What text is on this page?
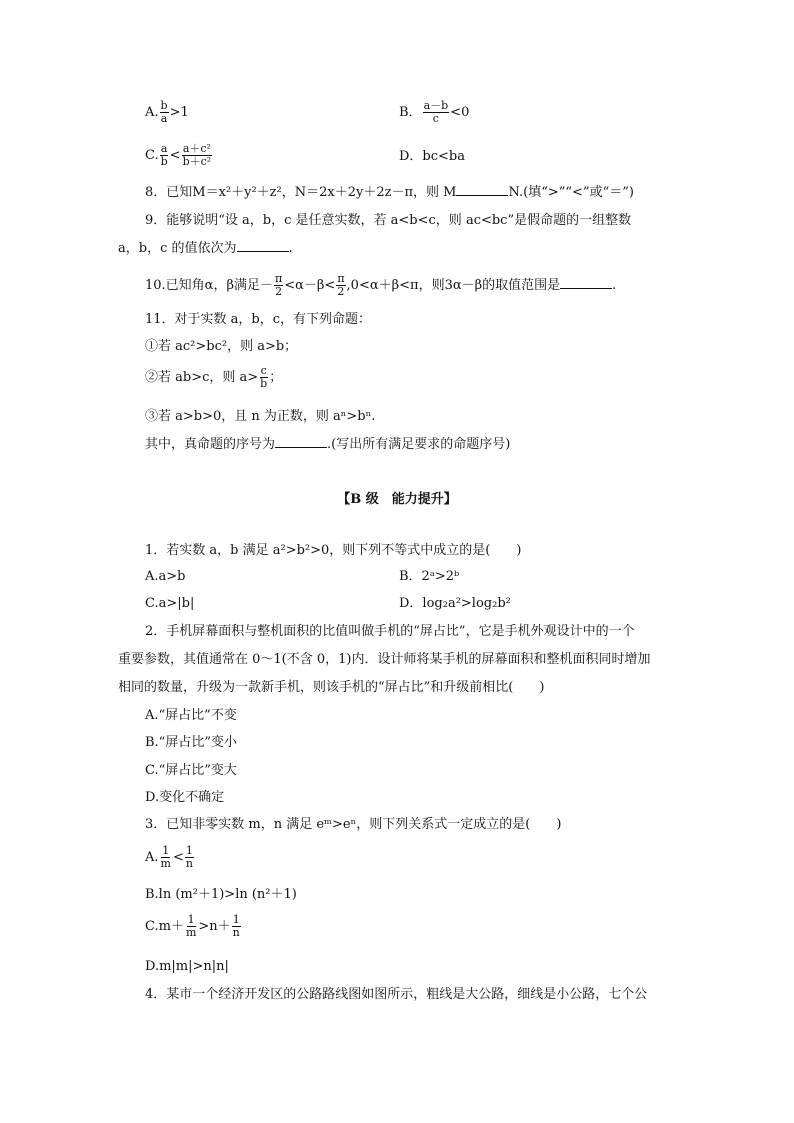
A. $\frac{b}{a} >1$	B． $\frac{a-b}{c} <0$
C. $\frac{a}{b} < \frac{\text{a＋c²}}{\text{b＋c²}}$	D．bc<ba
8．已知M＝x²＋y²＋z²，N＝2x＋2y＋2z－π，则 M	N.(填“>”“<”或“＝”)
9．能够说明“设 a，b，c 是任意实数，若 a<b<c，则 ac<bc”是假命题的一组整数
a，b，c 的值依次为	.
10.已知角α，β满足－ $\frac{\pi}{2} <\alpha-\beta< \frac{\pi}{2} ,0<\alpha+\beta<\pi$，则3α－β的取值范围是	.
11．对于实数 a，b，c，有下列命题：
①若 ac²>bc²，则 a>b；
②若 ab>c，则 $a> \frac{c}{b}$ ；
③若 a>b>0，且 n 为正数，则 aⁿ>bⁿ.
其中，真命题的序号为	.(写出所有满足要求的命题序号)
【B 级　能力提升】
1．若实数 a，b 满足 a²>b²>0，则下列不等式中成立的是(　　)
A.a>b	B．2ᵃ>2ᵇ
C.a>|b|	D．log₂a²>log₂b²
2．手机屏幕面积与整机面积的比值叫做手机的“屏占比”，它是手机外观设计中的一个
重要参数，其值通常在 0～1(不含 0，1)内．设计师将某手机的屏幕面积和整机面积同时增加
相同的数量，升级为一款新手机，则该手机的“屏占比”和升级前相比(　　)
A.“屏占比”不变
B.“屏占比”变小
C.“屏占比”变大
D.变化不确定
3．已知非零实数 m，n 满足 eᵐ>eⁿ，则下列关系式一定成立的是(　　)
A. $\frac{1}{m} < \frac{1}{n}$
B.ln (m²＋1)>ln (n²＋1)
$C.m+ \frac{1}{m} >n+ \frac{1}{n}$
D.m|m|>n|n|
4．某市一个经济开发区的公路路线图如图所示，粗线是大公路，细线是小公路，七个公
